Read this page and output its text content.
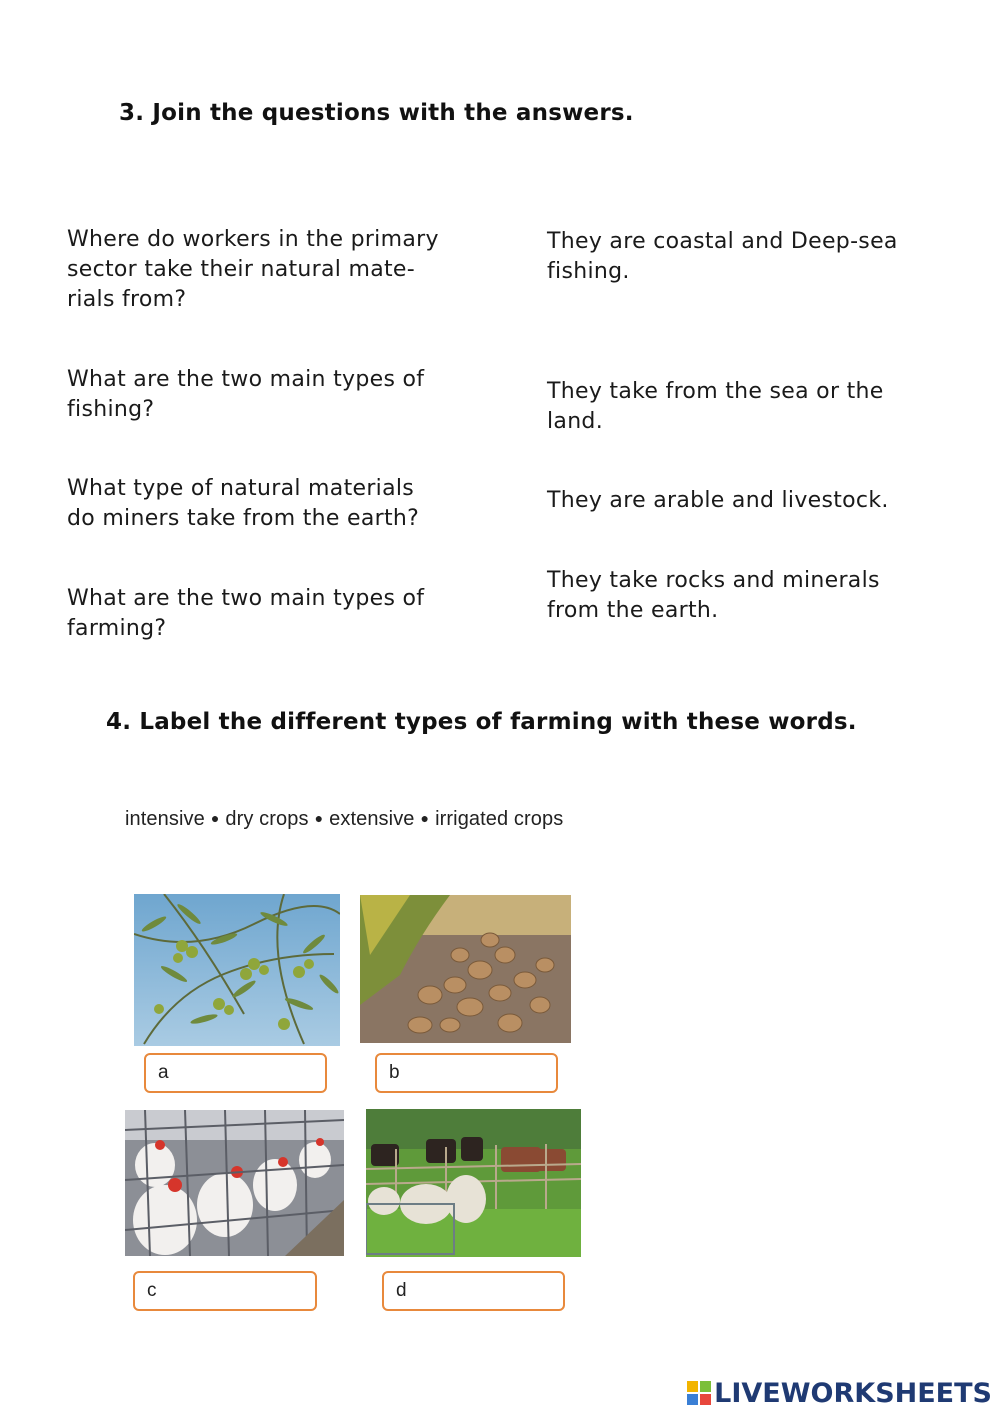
3. Join the questions with the answers.
Where do workers in the primary
sector take their natural mate-
rials from?
What are the two main types of
fishing?
What type of natural materials
do miners take from the earth?
What are the two main types of
farming?
They are coastal and Deep-sea
fishing.
They take from the sea or the
land.
They are arable and livestock.
They take rocks and minerals
from the earth.
4. Label the different types of farming with these words.
intensive ● dry crops ● extensive ● irrigated crops
a	b
c	d
LIVEWORKSHEETS
